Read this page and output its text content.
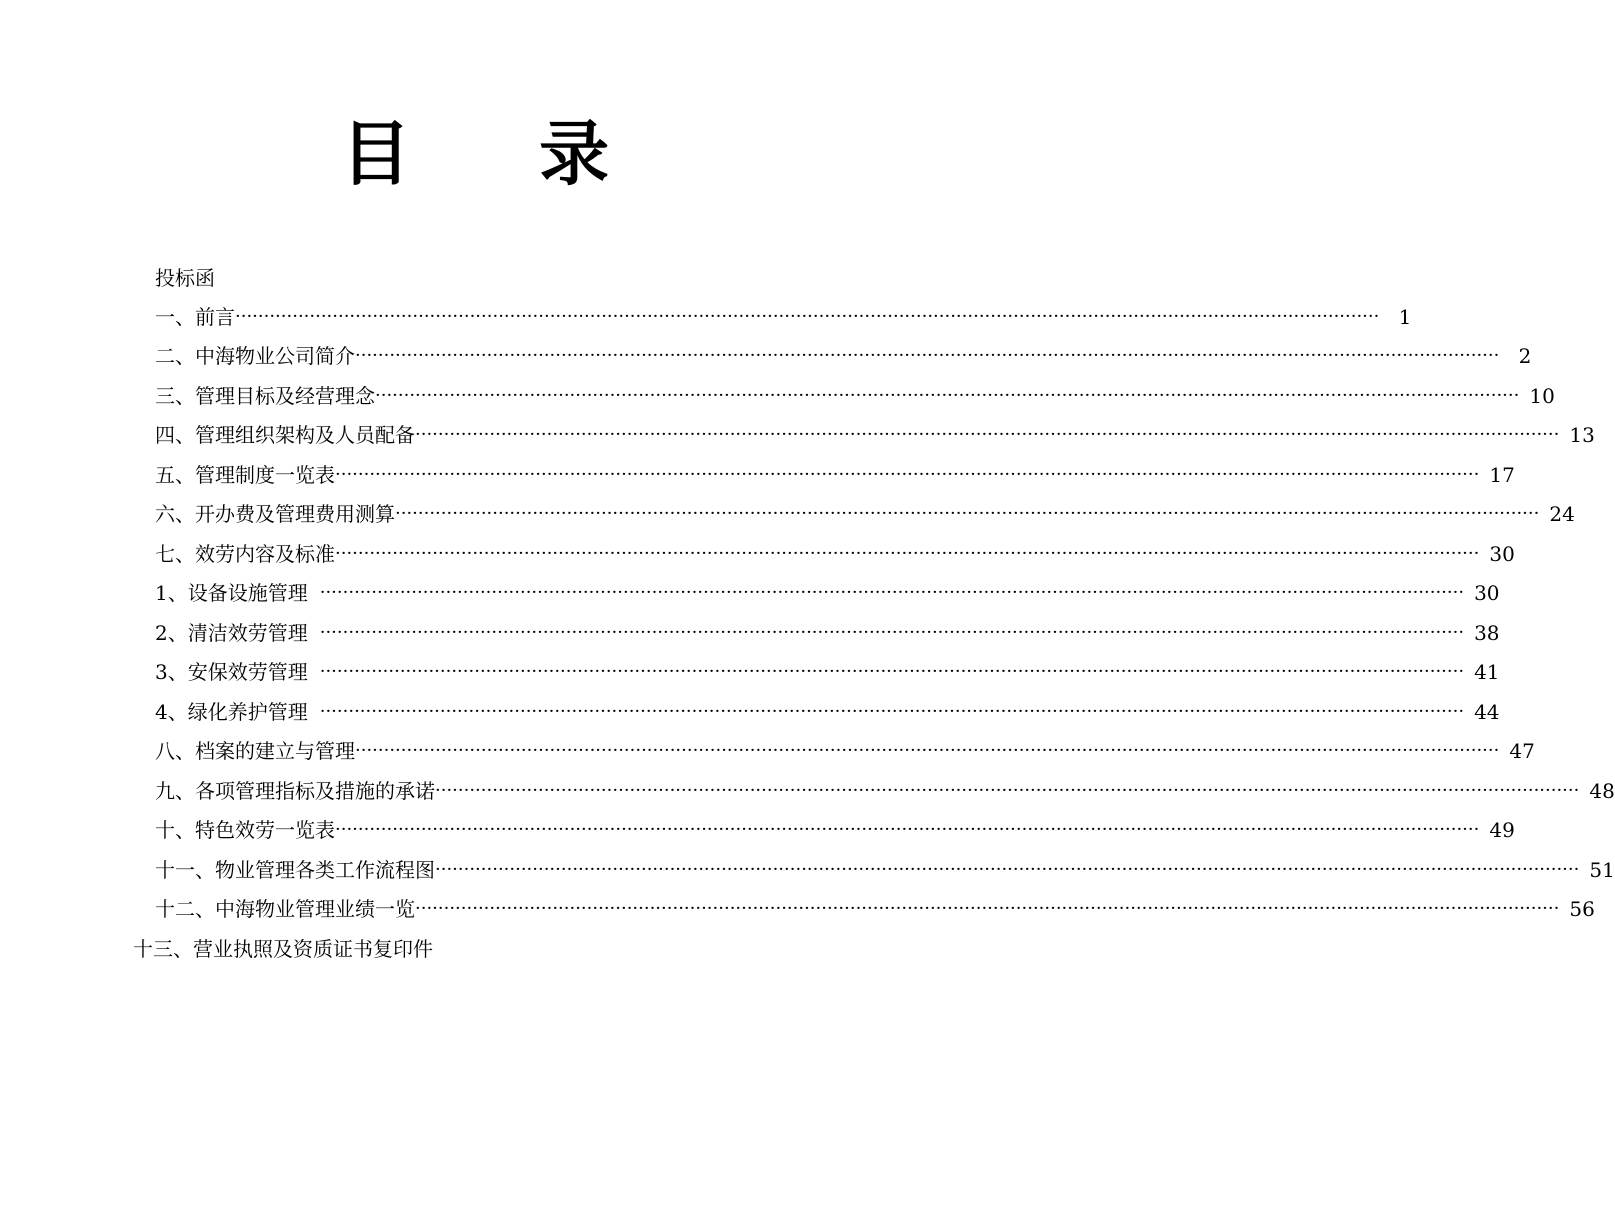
目 录
投标函
一、前言 ········································································································································································································ 1
二、中海物业公司简介 ········································································································································································································ 2
三、管理目标及经营理念 ········································································································································································································ 10
四、管理组织架构及人员配备 ········································································································································································································ 13
五、管理制度一览表 ········································································································································································································ 17
六、开办费及管理费用测算 ········································································································································································································ 24
七、效劳内容及标准 ········································································································································································································ 30
1、设备设施管理 ········································································································································································································ 30
2、清洁效劳管理 ········································································································································································································ 38
3、安保效劳管理 ········································································································································································································ 41
4、绿化养护管理 ········································································································································································································ 44
八、档案的建立与管理 ········································································································································································································ 47
九、各项管理指标及措施的承诺 ········································································································································································································ 48
十、特色效劳一览表 ········································································································································································································ 49
十一、物业管理各类工作流程图 ········································································································································································································ 51
十二、中海物业管理业绩一览 ········································································································································································································ 56
十三、营业执照及资质证书复印件
